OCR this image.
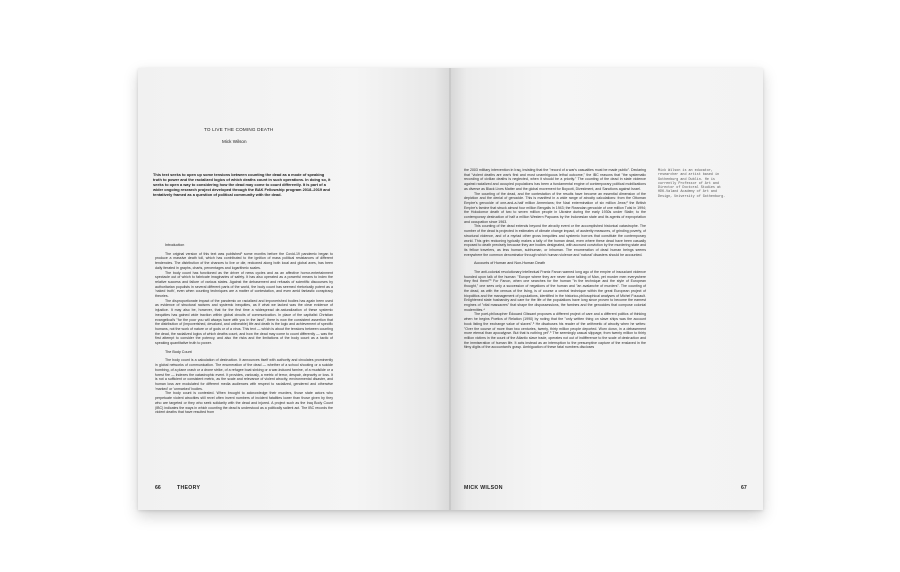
TO LIVE THE COMING DEATH
Mick Wilson
This text seeks to open up some tensions between counting the dead as a mode of speaking truth to power and the racialized logics of which deaths count in such operations. In doing so, it seeks to open a way to considering how the dead may come to count differently. It is part of a wider ongoing research project developed through the BAK Fellowship program 2018–2019 and tentatively framed as a question of political community with the dead.
Introduction

The original version of this text was published¹ some months before the Covid-19 pandemic began to produce a massive death toll, which has contributed to the ignition of mass political resistances of different tendencies. The distribution of the chances to live or die, reckoned along both local and global axes, has been daily iterated in graphs, charts, percentages and logarithmic scales.

The body count has functioned as the driver of news cycles and as an affective horror-entertainment spectacle out of which to fabricate imaginaries of safety. It has also operated as a powerful means to index the relative success and failure of various states. Against the debasement and refusals of scientific discourses by authoritarian populists in several different parts of the world, the body count has seemed rhetorically potent as a 'naked truth', even when counting techniques are a matter of contestation, and even amid fantastic conspiracy theories.

The disproportionate impact of the pandemic on racialized and impoverished bodies has again been used as evidence of structural racisms and systemic inequities, as if what we lacked was the clear evidence of injustice. It may also be, however, that for the first time a widespread de-naturalization of these systemic inequities has gained wide traction within global circuits of communication. In place of the capitalist Christian evangelical's "for the poor you will always have with you in the land", there is now the consistent assertion that the distribution of (impoverished, devalued, and unliveable) life and death is the logic and achievement of specific humans, not the work of nature or of gods or of a virus. This text — which is about the tensions between counting the dead, the racialized logics of which deaths count, and how the dead may come to count differently — was the first attempt to consider the potency, and also the risks and the limitations of the body count as a tactic of speaking quantitative truth to power.

The Body Count

The body count is a calculation of destruction. It announces itself with authority and circulates prominently in global networks of communication. The enumeration of the dead — whether of a school shooting or a suicide bombing, of a plane crash or a drone strike, of a refugee boat sinking or a war-induced famine, of a mudslide or a forest fire — indexes the catastrophic event. It provides, variously, a metric of terror, despair, depravity or loss. It is not a sufficient or consistent metric, as the scale and relevance of violent atrocity, environmental disaster, and human loss are modulated for different media audiences with respect to racialized, gendered and otherwise 'marked' or 'unmarked' bodies.

The body count is contested. When brought to acknowledge their murders, those state actors who perpetuate violent atrocities still revel often invent numbers of incident fatalities lower than those given by they who are targeted or they who seek solidarity with the dead and injured. A project such as the Iraq Body Count (IBC) indicates the ways in which counting the dead is understood as a politically salient act. The IBC records the violent deaths that have resulted from

66	THEORY

the 2003 military intervention in Iraq, insisting that the "record of a war's casualties must be made public". Declaring that "violent deaths are war's first and most unambiguous lethal outcome," the IBC reasons that "the systematic recording of civilian deaths is neglected, when it should be a priority." The counting of the dead in state violence against racialized and occupied populations has been a fundamental engine of contemporary political mobilizations as diverse as Black Lives Matter and the global movement for Boycott, Divestment, and Sanctions against Israel.

The counting of the dead, and the contestation of the results have become an essential dimension of the depiction and the denial of genocide. This is manifest in a wide range of atrocity calculations: from the Ottoman Empire's genocide of one-and-a-half million Armenians; the Nazi extermination of six million Jews;² the British Empire's famine that struck almost four million Bengalis in 1943; the Rwandan genocide of one million Tutsi in 1994; the Holodomor death of two to seven million people in Ukraine during the early 1930s under Stalin; to the contemporary destruction of half a million Western Papuans by the Indonesian state and its agents of expropriation and occupation since 1963.

This counting of the dead extends beyond the atrocity event or the accomplished historical catastrophe. The number of the dead is projected in estimates of climate change impact, of austerity measures, of grinding poverty, of structural violence, and of a myriad other gross inequities and systemic horrors that constitute the contemporary world. This grim reckoning typically makes a tally of the human dead, even where these dead have been casually exposed to death precisely because they are bodies designated, with accrued conviction by the murdering state and its fellow travelers, as less human, subhuman, or inhuman. The enumeration of dead human beings seems everywhere the common denominator through which human violence and 'natural' disasters should be accounted.

Accounts of Human and Non-Human Death

The anti-colonial revolutionary intellectual Frantz Fanon warned long ago of the empire of insouciant violence founded upon talk of the human: "Europe where they are never done talking of Man, yet murder men everywhere they find them!"³ For Fanon, when one searches for the human "in the technique and the style of European thought," one sees only a succession of negations of the human and "an avalanche of murders". The counting of the dead, as with the census of the living, is of course a central technique within the great European project of biopolitics and the management of populations, identified in the historico-philosophical analyses of Michel Foucault. Enlightened state husbandry and care for the life of the populations have long since proven to become the earnest engines of "vital massacres" that shape the dispossessions, the famines and the genocides that compose colonial modernities.⁴

The poet-philosopher Édouard Glissant proposes a different project of care and a different politics of thinking when he begins Poetics of Relation (1990) by noting that the "only written thing on slave ships was the account book listing the exchange value of slaves".⁵ He disabuses his reader of the arithmetic of atrocity when he writes: "Over the course of more than two centuries, twenty, thirty million people deported. Worn down, in a debasement more eternal than apocalypse. But that is nothing yet".⁶ The seemingly casual slippage, from twenty million to thirty million victims in the count of the Atlantic slave trade, operates not out of indifference to the scale of destruction and the immiseration of human life. It acts instead as an interruption to the presumptive capture of the enslaved in the filmy digits of the accountant's grasp. Ambiguation of these fatal numbers discloses

Mick Wilson is an educator, researcher and artist based in Gothenburg and Dublin. He is currently Professor of Art and Director of Doctoral Studies at HDK-Valand Academy of Art and Design, University of Gothenburg.
MICK WILSON	67
